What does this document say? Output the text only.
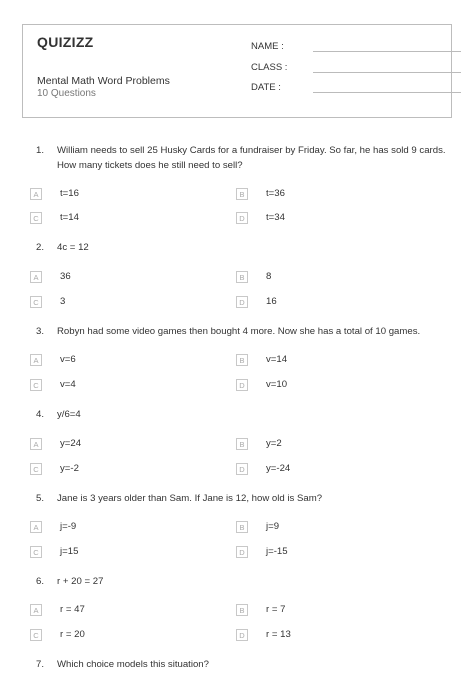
QUIZIZZ
Mental Math Word Problems
10 Questions
NAME :
CLASS :
DATE :
1.	William needs to sell 25 Husky Cards for a fundraiser by Friday. So far, he has sold 9 cards. How many tickets does he still need to sell?
A	t=16	B	t=36
C	t=14	D	t=34
2.	4c = 12
A	36	B	8
C	3	D	16
3.	Robyn had some video games then bought 4 more. Now she has a total of 10 games.
A	v=6	B	v=14
C	v=4	D	v=10
4.	y/6=4
A	y=24	B	y=2
C	y=-2	D	y=-24
5.	Jane is 3 years older than Sam. If Jane is 12, how old is Sam?
A	j=-9	B	j=9
C	j=15	D	j=-15
6.	r + 20 = 27
A	r = 47	B	r = 7
C	r = 20	D	r = 13
7.	Which choice models this situation?
